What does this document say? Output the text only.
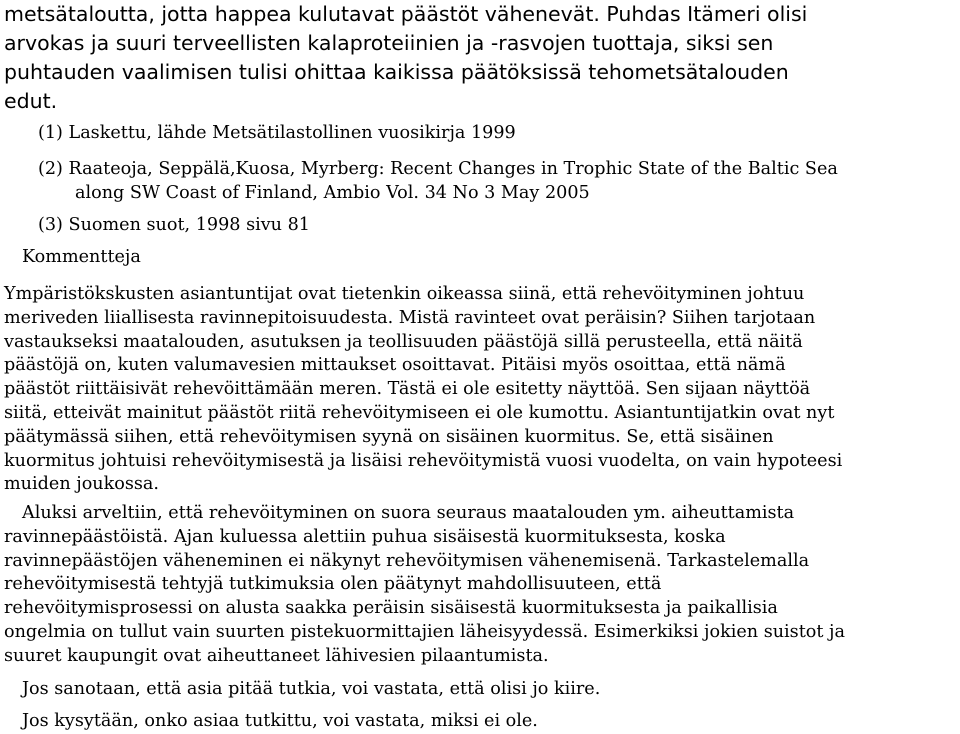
metsätaloutta, jotta happea kulutavat päästöt vähenevät. Puhdas Itämeri olisi
arvokas ja suuri terveellisten kalaproteiinien ja -rasvojen tuottaja, siksi sen
puhtauden vaalimisen tulisi ohittaa kaikissa päätöksissä tehometsätalouden
edut.
(1) Laskettu, lähde Metsätilastollinen vuosikirja 1999
(2) Raateoja, Seppälä,Kuosa, Myrberg: Recent Changes in Trophic State of the Baltic Sea
along SW Coast of Finland, Ambio Vol. 34 No 3 May 2005
(3) Suomen suot, 1998 sivu 81
Kommentteja
Ympäristökskusten asiantuntijat ovat tietenkin oikeassa siinä, että rehevöityminen johtuu
meriveden liiallisesta ravinnepitoisuudesta. Mistä ravinteet ovat peräisin? Siihen tarjotaan
vastaukseksi maatalouden, asutuksen ja teollisuuden päästöjä sillä perusteella, että näitä
päästöjä on, kuten valumavesien mittaukset osoittavat. Pitäisi myös osoittaa, että nämä
päästöt riittäisivät rehevöittämään meren. Tästä ei ole esitetty näyttöä. Sen sijaan näyttöä
siitä, etteivät mainitut päästöt riitä rehevöitymiseen ei ole kumottu. Asiantuntijatkin ovat nyt
päätymässä siihen, että rehevöitymisen syynä on sisäinen kuormitus. Se, että sisäinen
kuormitus johtuisi rehevöitymisestä ja lisäisi rehevöitymistä vuosi vuodelta, on vain hypoteesi
muiden joukossa.
Aluksi arveltiin, että rehevöityminen on suora seuraus maatalouden ym. aiheuttamista
ravinnepäästöistä. Ajan kuluessa alettiin puhua sisäisestä kuormituksesta, koska
ravinnepäästöjen väheneminen ei näkynyt rehevöitymisen vähenemisenä. Tarkastelemalla
rehevöitymisestä tehtyjä tutkimuksia olen päätynyt mahdollisuuteen, että
rehevöitymisprosessi on alusta saakka peräisin sisäisestä kuormituksesta ja paikallisia
ongelmia on tullut vain suurten pistekuormittajien läheisyydessä. Esimerkiksi jokien suistot ja
suuret kaupungit ovat aiheuttaneet lähivesien pilaantumista.
Jos sanotaan, että asia pitää tutkia, voi vastata, että olisi jo kiire.
Jos kysytään, onko asiaa tutkittu, voi vastata, miksi ei ole.
